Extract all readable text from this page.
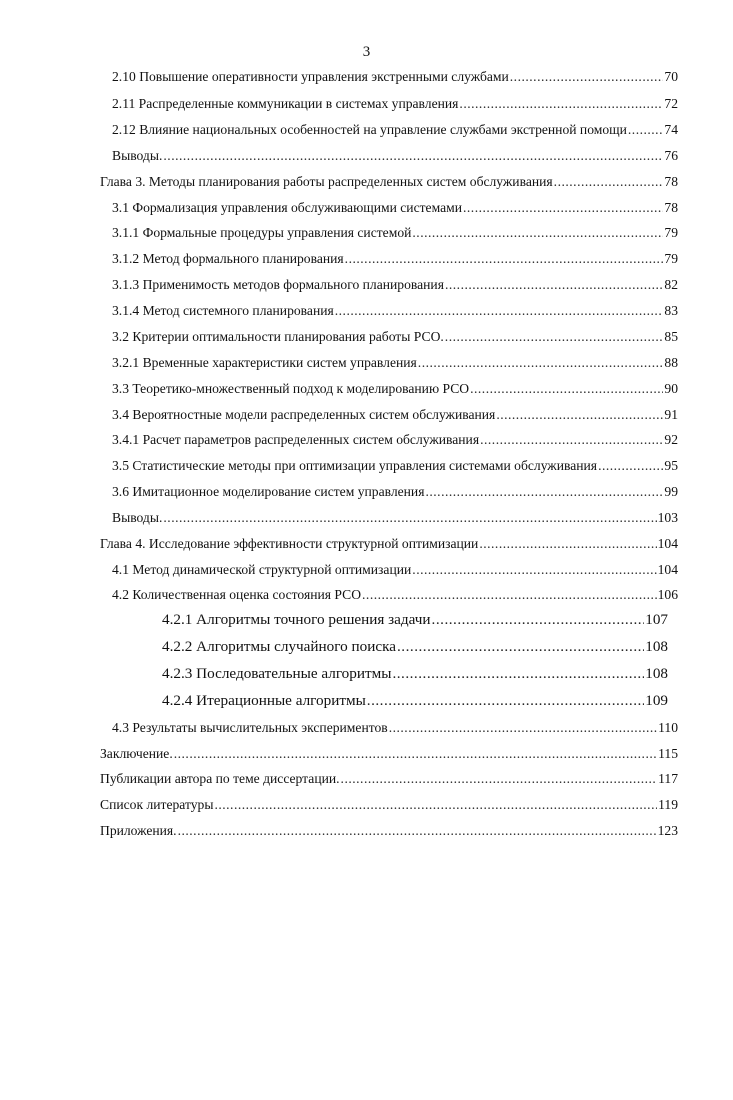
3
2.10 Повышение оперативности управления экстренными службами .....	70
2.11 Распределенные коммуникации в системах управления .....	72
2.12 Влияние национальных особенностей на управление службами экстренной помощи .....	74
Выводы. .....	76
Глава 3. Методы планирования работы распределенных систем обслуживания .....	78
3.1 Формализация управления обслуживающими системами .....	78
3.1.1 Формальные процедуры управления системой .....	79
3.1.2 Метод формального планирования .....	79
3.1.3 Применимость методов формального планирования .....	82
3.1.4 Метод системного планирования .....	83
3.2 Критерии оптимальности планирования работы РСО. .....	85
3.2.1 Временные характеристики систем управления .....	88
3.3 Теоретико-множественный подход к моделированию РСО .....	90
3.4 Вероятностные модели распределенных систем обслуживания .....	91
3.4.1 Расчет параметров распределенных систем обслуживания .....	92
3.5 Статистические методы при оптимизации управления системами обслуживания .....	95
3.6 Имитационное моделирование систем управления .....	99
Выводы. .....	103
Глава 4. Исследование эффективности структурной оптимизации .....	104
4.1 Метод динамической структурной оптимизации .....	104
4.2 Количественная оценка состояния РСО .....	106
4.2.1 Алгоритмы точного решения задачи .....	107
4.2.2 Алгоритмы случайного поиска .....	108
4.2.3 Последовательные алгоритмы .....	108
4.2.4 Итерационные алгоритмы .....	109
4.3 Результаты вычислительных экспериментов .....	110
Заключение. .....	115
Публикации автора по теме диссертации. .....	117
Список литературы .....	119
Приложения. .....	123
